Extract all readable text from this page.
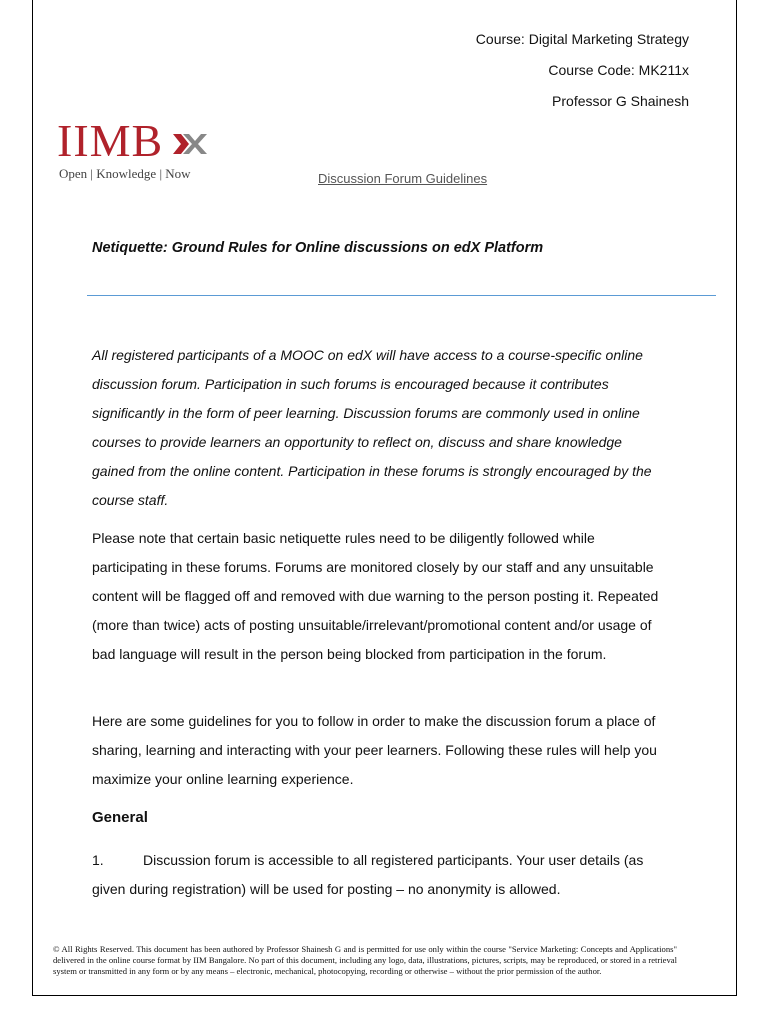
Course: Digital Marketing Strategy
Course Code: MK211x
Professor G Shainesh
IIMB
Open | Knowledge | Now	Discussion Forum Guidelines
Netiquette: Ground Rules for Online discussions on edX Platform

All registered participants of a MOOC on edX will have access to a course-specific online discussion forum. Participation in such forums is encouraged because it contributes significantly in the form of peer learning. Discussion forums are commonly used in online courses to provide learners an opportunity to reflect on, discuss and share knowledge gained from the online content. Participation in these forums is strongly encouraged by the course staff.

Please note that certain basic netiquette rules need to be diligently followed while participating in these forums. Forums are monitored closely by our staff and any unsuitable content will be flagged off and removed with due warning to the person posting it. Repeated (more than twice) acts of posting unsuitable/irrelevant/promotional content and/or usage of bad language will result in the person being blocked from participation in the forum.

Here are some guidelines for you to follow in order to make the discussion forum a place of sharing, learning and interacting with your peer learners. Following these rules will help you maximize your online learning experience.

General

1.	Discussion forum is accessible to all registered participants. Your user details (as given during registration) will be used for posting – no anonymity is allowed.

© All Rights Reserved. This document has been authored by Professor Shainesh G and is permitted for use only within the course "Service Marketing: Concepts and Applications" delivered in the online course format by IIM Bangalore. No part of this document, including any logo, data, illustrations, pictures, scripts, may be reproduced, or stored in a retrieval system or transmitted in any form or by any means – electronic, mechanical, photocopying, recording or otherwise – without the prior permission of the author.
